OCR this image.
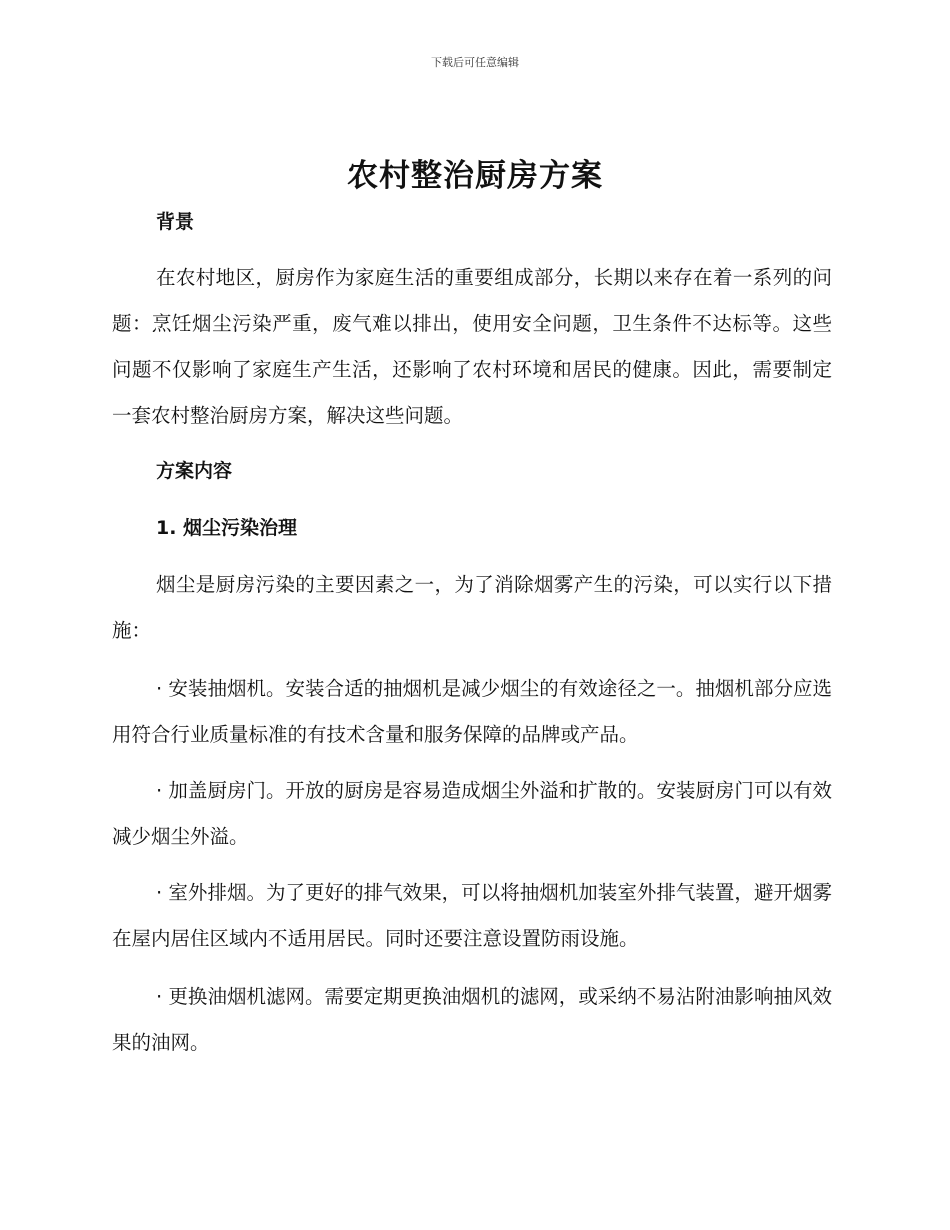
下载后可任意编辑
农村整治厨房方案

背景

在农村地区，厨房作为家庭生活的重要组成部分，长期以来存在着一系列的问题：烹饪烟尘污染严重，废气难以排出，使用安全问题，卫生条件不达标等。这些问题不仅影响了家庭生产生活，还影响了农村环境和居民的健康。因此，需要制定一套农村整治厨房方案，解决这些问题。

方案内容

1. 烟尘污染治理

烟尘是厨房污染的主要因素之一，为了消除烟雾产生的污染，可以实行以下措施：

· 安装抽烟机。安装合适的抽烟机是减少烟尘的有效途径之一。抽烟机部分应选用符合行业质量标准的有技术含量和服务保障的品牌或产品。

· 加盖厨房门。开放的厨房是容易造成烟尘外溢和扩散的。安装厨房门可以有效减少烟尘外溢。

· 室外排烟。为了更好的排气效果，可以将抽烟机加装室外排气装置，避开烟雾在屋内居住区域内不适用居民。同时还要注意设置防雨设施。

· 更换油烟机滤网。需要定期更换油烟机的滤网，或采纳不易沾附油影响抽风效果的油网。
